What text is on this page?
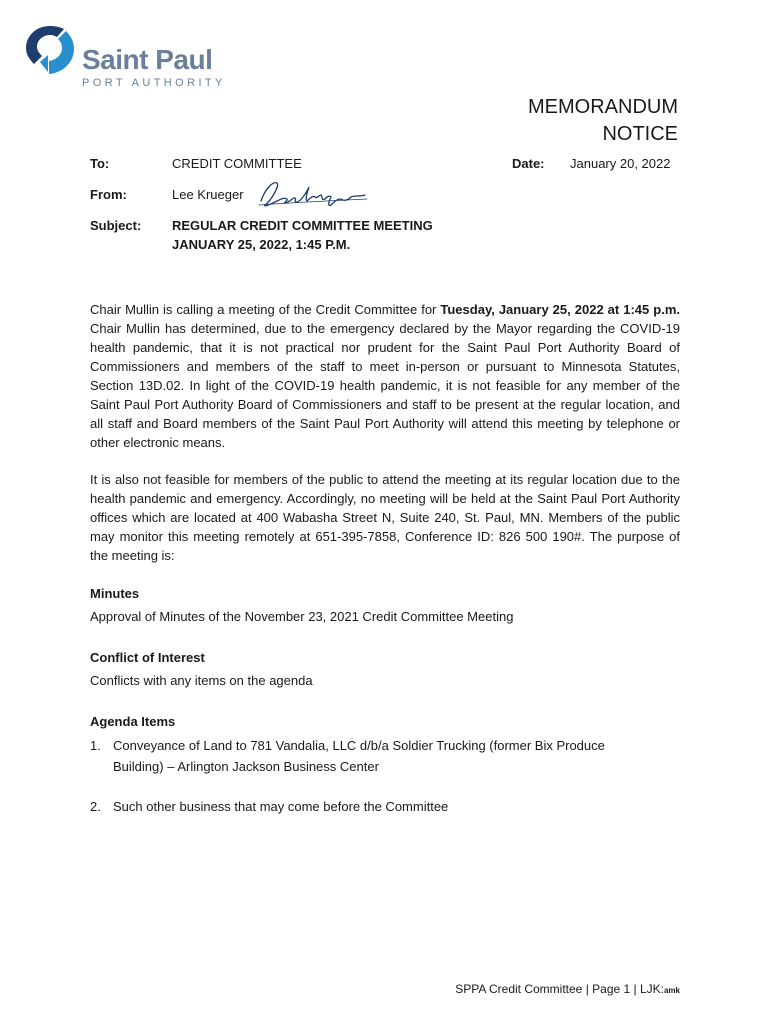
Saint Paul
PORT AUTHORITY
MEMORANDUM
NOTICE
To:	CREDIT COMMITTEE	Date: January 20, 2022
From:	Lee Krueger
Subject: REGULAR CREDIT COMMITTEE MEETING
JANUARY 25, 2022, 1:45 P.M.
Chair Mullin is calling a meeting of the Credit Committee for Tuesday, January 25, 2022 at 1:45 p.m. Chair Mullin has determined, due to the emergency declared by the Mayor regarding the COVID-19 health pandemic, that it is not practical nor prudent for the Saint Paul Port Authority Board of Commissioners and members of the staff to meet in-person or pursuant to Minnesota Statutes, Section 13D.02. In light of the COVID-19 health pandemic, it is not feasible for any member of the Saint Paul Port Authority Board of Commissioners and staff to be present at the regular location, and all staff and Board members of the Saint Paul Port Authority will attend this meeting by telephone or other electronic means.
It is also not feasible for members of the public to attend the meeting at its regular location due to the health pandemic and emergency. Accordingly, no meeting will be held at the Saint Paul Port Authority offices which are located at 400 Wabasha Street N, Suite 240, St. Paul, MN. Members of the public may monitor this meeting remotely at 651-395-7858, Conference ID: 826 500 190#. The purpose of the meeting is:
Minutes
Approval of Minutes of the November 23, 2021 Credit Committee Meeting
Conflict of Interest
Conflicts with any items on the agenda
Agenda Items
1. Conveyance of Land to 781 Vandalia, LLC d/b/a Soldier Trucking (former Bix Produce Building) – Arlington Jackson Business Center
2. Such other business that may come before the Committee
SPPA Credit Committee | Page 1 | LJK:amk
